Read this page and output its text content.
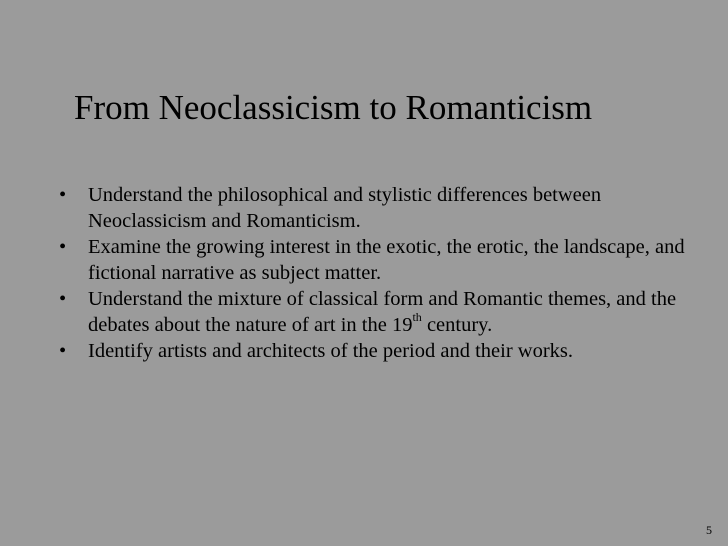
From Neoclassicism to Romanticism
• Understand the philosophical and stylistic differences between Neoclassicism and Romanticism.
• Examine the growing interest in the exotic, the erotic, the landscape, and fictional narrative as subject matter.
• Understand the mixture of classical form and Romantic themes, and the debates about the nature of art in the 19th century.
• Identify artists and architects of the period and their works.
5
